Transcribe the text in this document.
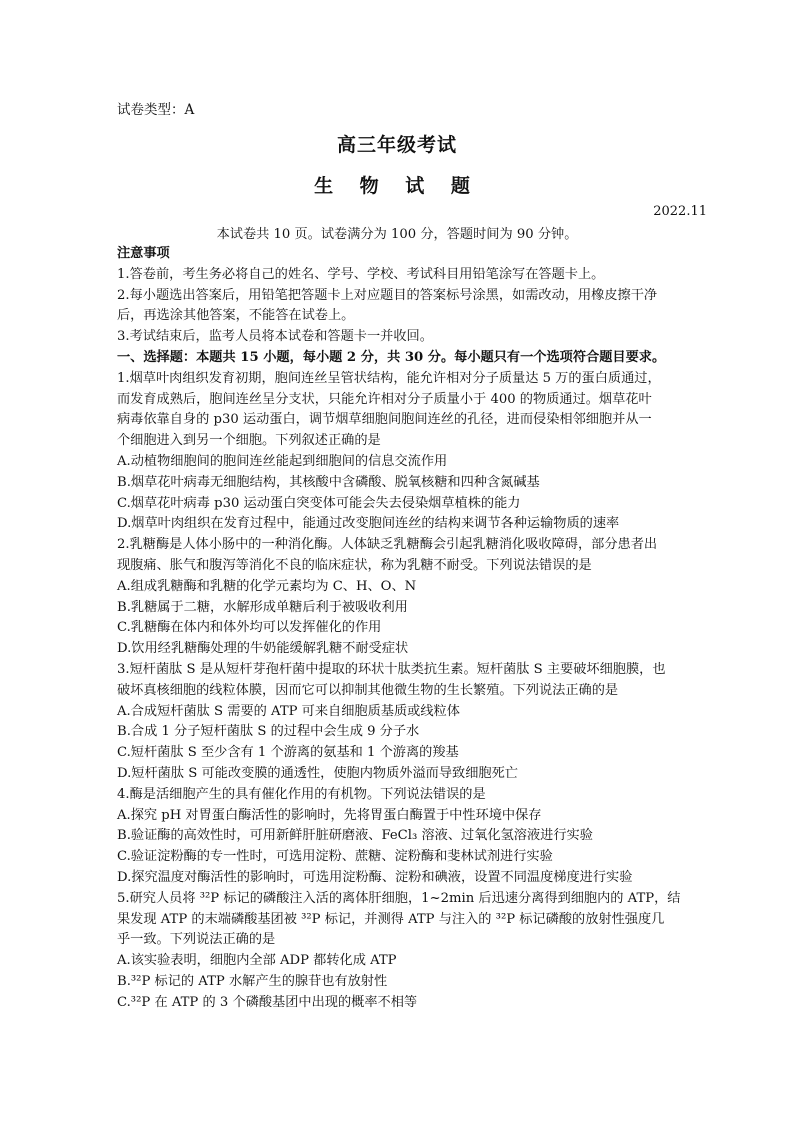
试卷类型：A
高三年级考试
生 物 试 题
2022.11
本试卷共 10 页。试卷满分为 100 分，答题时间为 90 分钟。
注意事项
1.答卷前，考生务必将自己的姓名、学号、学校、考试科目用铅笔涂写在答题卡上。
2.每小题选出答案后，用铅笔把答题卡上对应题目的答案标号涂黑，如需改动，用橡皮擦干净
后，再选涂其他答案，不能答在试卷上。
3.考试结束后，监考人员将本试卷和答题卡一并收回。
一、选择题：本题共 15 小题，每小题 2 分，共 30 分。每小题只有一个选项符合题目要求。
1.烟草叶肉组织发育初期，胞间连丝呈管状结构，能允许相对分子质量达 5 万的蛋白质通过，
而发育成熟后，胞间连丝呈分支状，只能允许相对分子质量小于 400 的物质通过。烟草花叶
病毒依靠自身的 p30 运动蛋白，调节烟草细胞间胞间连丝的孔径，进而侵染相邻细胞并从一
个细胞进入到另一个细胞。下列叙述正确的是
A.动植物细胞间的胞间连丝能起到细胞间的信息交流作用
B.烟草花叶病毒无细胞结构，其核酸中含磷酸、脱氧核糖和四种含氮碱基
C.烟草花叶病毒 p30 运动蛋白突变体可能会失去侵染烟草植株的能力
D.烟草叶肉组织在发育过程中，能通过改变胞间连丝的结构来调节各种运输物质的速率
2.乳糖酶是人体小肠中的一种消化酶。人体缺乏乳糖酶会引起乳糖消化吸收障碍，部分患者出
现腹痛、胀气和腹泻等消化不良的临床症状，称为乳糖不耐受。下列说法错误的是
A.组成乳糖酶和乳糖的化学元素均为 C、H、O、N
B.乳糖属于二糖，水解形成单糖后利于被吸收利用
C.乳糖酶在体内和体外均可以发挥催化的作用
D.饮用经乳糖酶处理的牛奶能缓解乳糖不耐受症状
3.短杆菌肽 S 是从短杆芽孢杆菌中提取的环状十肽类抗生素。短杆菌肽 S 主要破坏细胞膜，也
破坏真核细胞的线粒体膜，因而它可以抑制其他微生物的生长繁殖。下列说法正确的是
A.合成短杆菌肽 S 需要的 ATP 可来自细胞质基质或线粒体
B.合成 1 分子短杆菌肽 S 的过程中会生成 9 分子水
C.短杆菌肽 S 至少含有 1 个游离的氨基和 1 个游离的羧基
D.短杆菌肽 S 可能改变膜的通透性，使胞内物质外溢而导致细胞死亡
4.酶是活细胞产生的具有催化作用的有机物。下列说法错误的是
A.探究 pH 对胃蛋白酶活性的影响时，先将胃蛋白酶置于中性环境中保存
B.验证酶的高效性时，可用新鲜肝脏研磨液、FeCl₃ 溶液、过氧化氢溶液进行实验
C.验证淀粉酶的专一性时，可选用淀粉、蔗糖、淀粉酶和斐林试剂进行实验
D.探究温度对酶活性的影响时，可选用淀粉酶、淀粉和碘液，设置不同温度梯度进行实验
5.研究人员将 ³²P 标记的磷酸注入活的离体肝细胞，1~2min 后迅速分离得到细胞内的 ATP，结
果发现 ATP 的末端磷酸基团被 ³²P 标记，并测得 ATP 与注入的 ³²P 标记磷酸的放射性强度几
乎一致。下列说法正确的是
A.该实验表明，细胞内全部 ADP 都转化成 ATP
B.³²P 标记的 ATP 水解产生的腺苷也有放射性
C.³²P 在 ATP 的 3 个磷酸基团中出现的概率不相等
